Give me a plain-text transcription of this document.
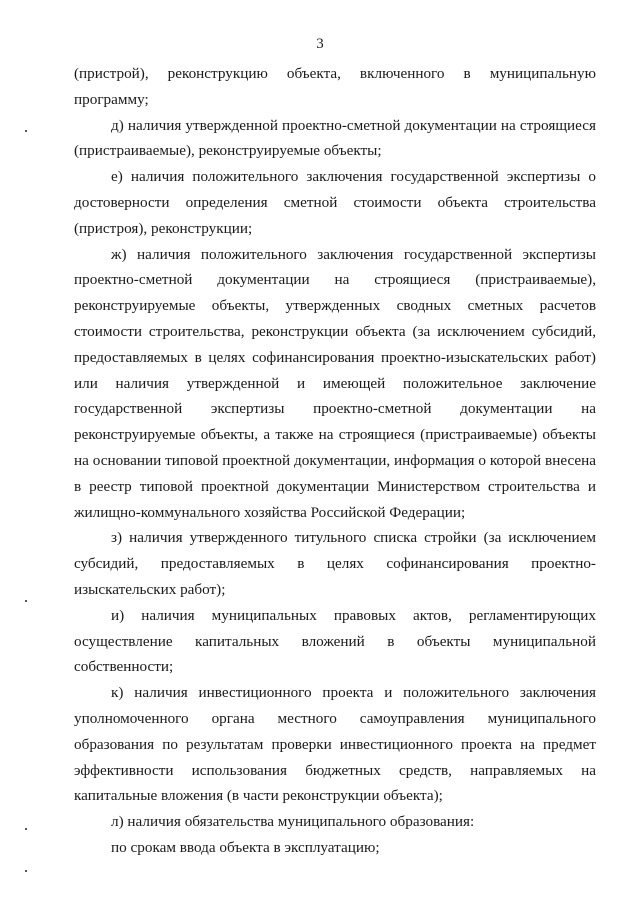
3

(пристрой), реконструкцию объекта, включенного в муниципальную программу;

д) наличия утвержденной проектно-сметной документации на строящиеся (пристраиваемые), реконструируемые объекты;

е) наличия положительного заключения государственной экспертизы о достоверности определения сметной стоимости объекта строительства (пристроя), реконструкции;

ж) наличия положительного заключения государственной экспертизы проектно-сметной документации на строящиеся (пристраиваемые), реконструируемые объекты, утвержденных сводных сметных расчетов стоимости строительства, реконструкции объекта (за исключением субсидий, предоставляемых в целях софинансирования проектно-изыскательских работ) или наличия утвержденной и имеющей положительное заключение государственной экспертизы проектно-сметной документации на реконструируемые объекты, а также на строящиеся (пристраиваемые) объекты на основании типовой проектной документации, информация о которой внесена в реестр типовой проектной документации Министерством строительства и жилищно-коммунального хозяйства Российской Федерации;

з) наличия утвержденного титульного списка стройки (за исключением субсидий, предоставляемых в целях софинансирования проектно-изыскательских работ);

и) наличия муниципальных правовых актов, регламентирующих осуществление капитальных вложений в объекты муниципальной собственности;

к) наличия инвестиционного проекта и положительного заключения уполномоченного органа местного самоуправления муниципального образования по результатам проверки инвестиционного проекта на предмет эффективности использования бюджетных средств, направляемых на капитальные вложения (в части реконструкции объекта);

л) наличия обязательства муниципального образования:

по срокам ввода объекта в эксплуатацию;
